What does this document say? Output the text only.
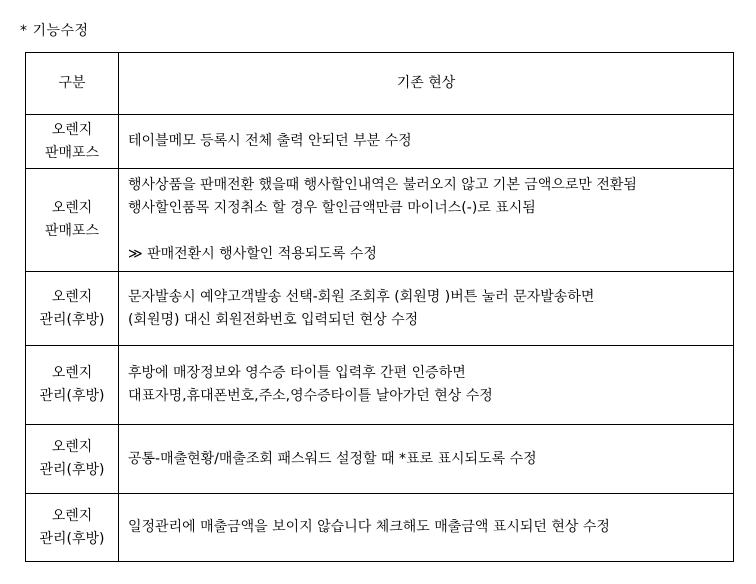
* 기능수정
구분	기존 현상

오렌지
판매포스	테이블메모 등록시 전체 출력 안되던 부분 수정

오렌지
판매포스	행사상품을 판매전환 했을때 행사할인내역은 불러오지 않고 기본 금액으로만 전환됨
행사할인품목 지정취소 할 경우 할인금액만큼 마이너스(-)로 표시됨
≫ 판매전환시 행사할인 적용되도록 수정

오렌지
관리(후방)	문자발송시 예약고객발송 선택-회원 조회후 (회원명 )버튼 눌러 문자발송하면
(회원명) 대신 회원전화번호 입력되던 현상 수정

오렌지
관리(후방)	후방에 매장정보와 영수증 타이틀 입력후 간편 인증하면
대표자명,휴대폰번호,주소,영수증타이틀 날아가던 현상 수정

오렌지
관리(후방)	공통-매출현황/매출조회 패스워드 설정할 때 *표로 표시되도록 수정

오렌지
관리(후방)	일정관리에 매출금액을 보이지 않습니다 체크해도 매출금액 표시되던 현상 수정
